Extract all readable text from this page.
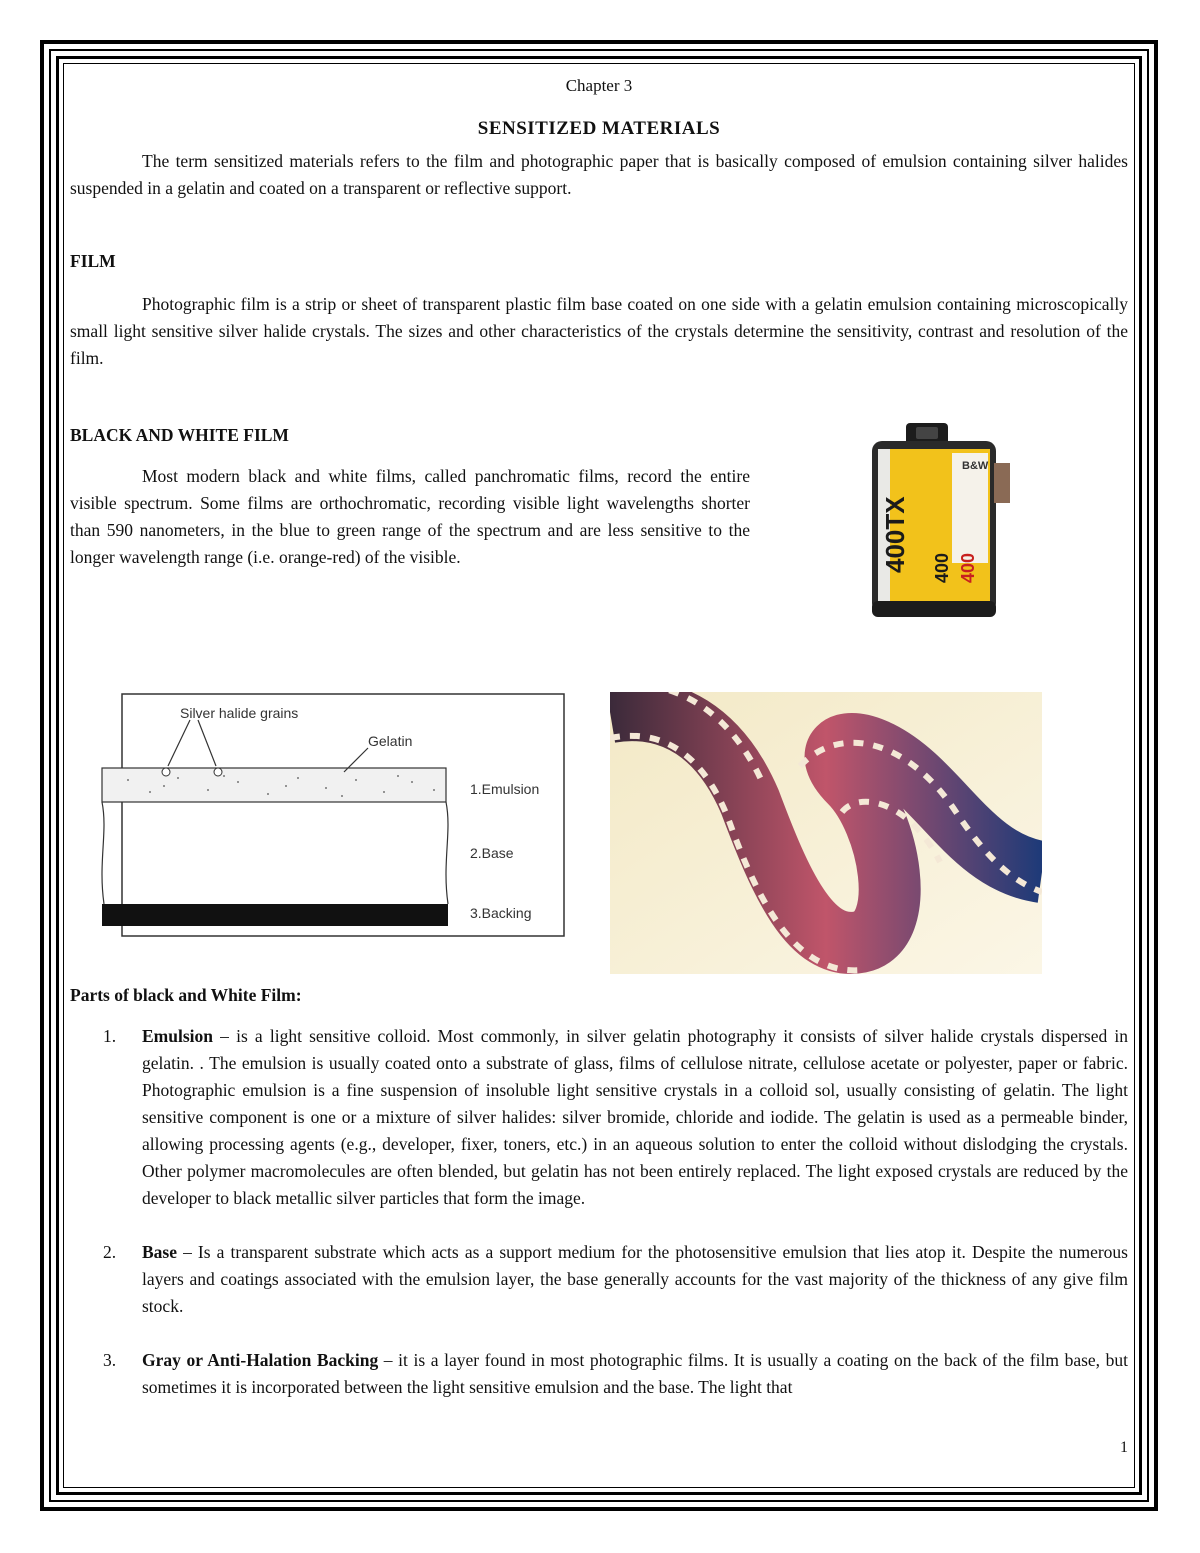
Chapter 3

SENSITIZED MATERIALS

The term sensitized materials refers to the film and photographic paper that is basically composed of emulsion containing silver halides suspended in a gelatin and coated on a transparent or reflective support.

FILM

Photographic film is a strip or sheet of transparent plastic film base coated on one side with a gelatin emulsion containing microscopically small light sensitive silver halide crystals. The sizes and other characteristics of the crystals determine the sensitivity, contrast and resolution of the film.

BLACK AND WHITE FILM

Most modern black and white films, called panchromatic films, record the entire visible spectrum. Some films are orthochromatic, recording visible light wavelengths shorter than 590 nanometers, in the blue to green range of the spectrum and are less sensitive to the longer wavelength range (i.e. orange-red) of the visible.

B&W
400TX 400 400
Silver halide grains
Gelatin
1.Emulsion
2.Base
3.Backing
Parts of black and White Film:
1. Emulsion – is a light sensitive colloid. Most commonly, in silver gelatin photography it consists of silver halide crystals dispersed in gelatin. . The emulsion is usually coated onto a substrate of glass, films of cellulose nitrate, cellulose acetate or polyester, paper or fabric. Photographic emulsion is a fine suspension of insoluble light sensitive crystals in a colloid sol, usually consisting of gelatin. The light sensitive component is one or a mixture of silver halides: silver bromide, chloride and iodide. The gelatin is used as a permeable binder, allowing processing agents (e.g., developer, fixer, toners, etc.) in an aqueous solution to enter the colloid without dislodging the crystals. Other polymer macromolecules are often blended, but gelatin has not been entirely replaced. The light exposed crystals are reduced by the developer to black metallic silver particles that form the image.
2. Base – Is a transparent substrate which acts as a support medium for the photosensitive emulsion that lies atop it. Despite the numerous layers and coatings associated with the emulsion layer, the base generally accounts for the vast majority of the thickness of any give film stock.
3. Gray or Anti-Halation Backing – it is a layer found in most photographic films. It is usually a coating on the back of the film base, but sometimes it is incorporated between the light sensitive emulsion and the base. The light that
1
